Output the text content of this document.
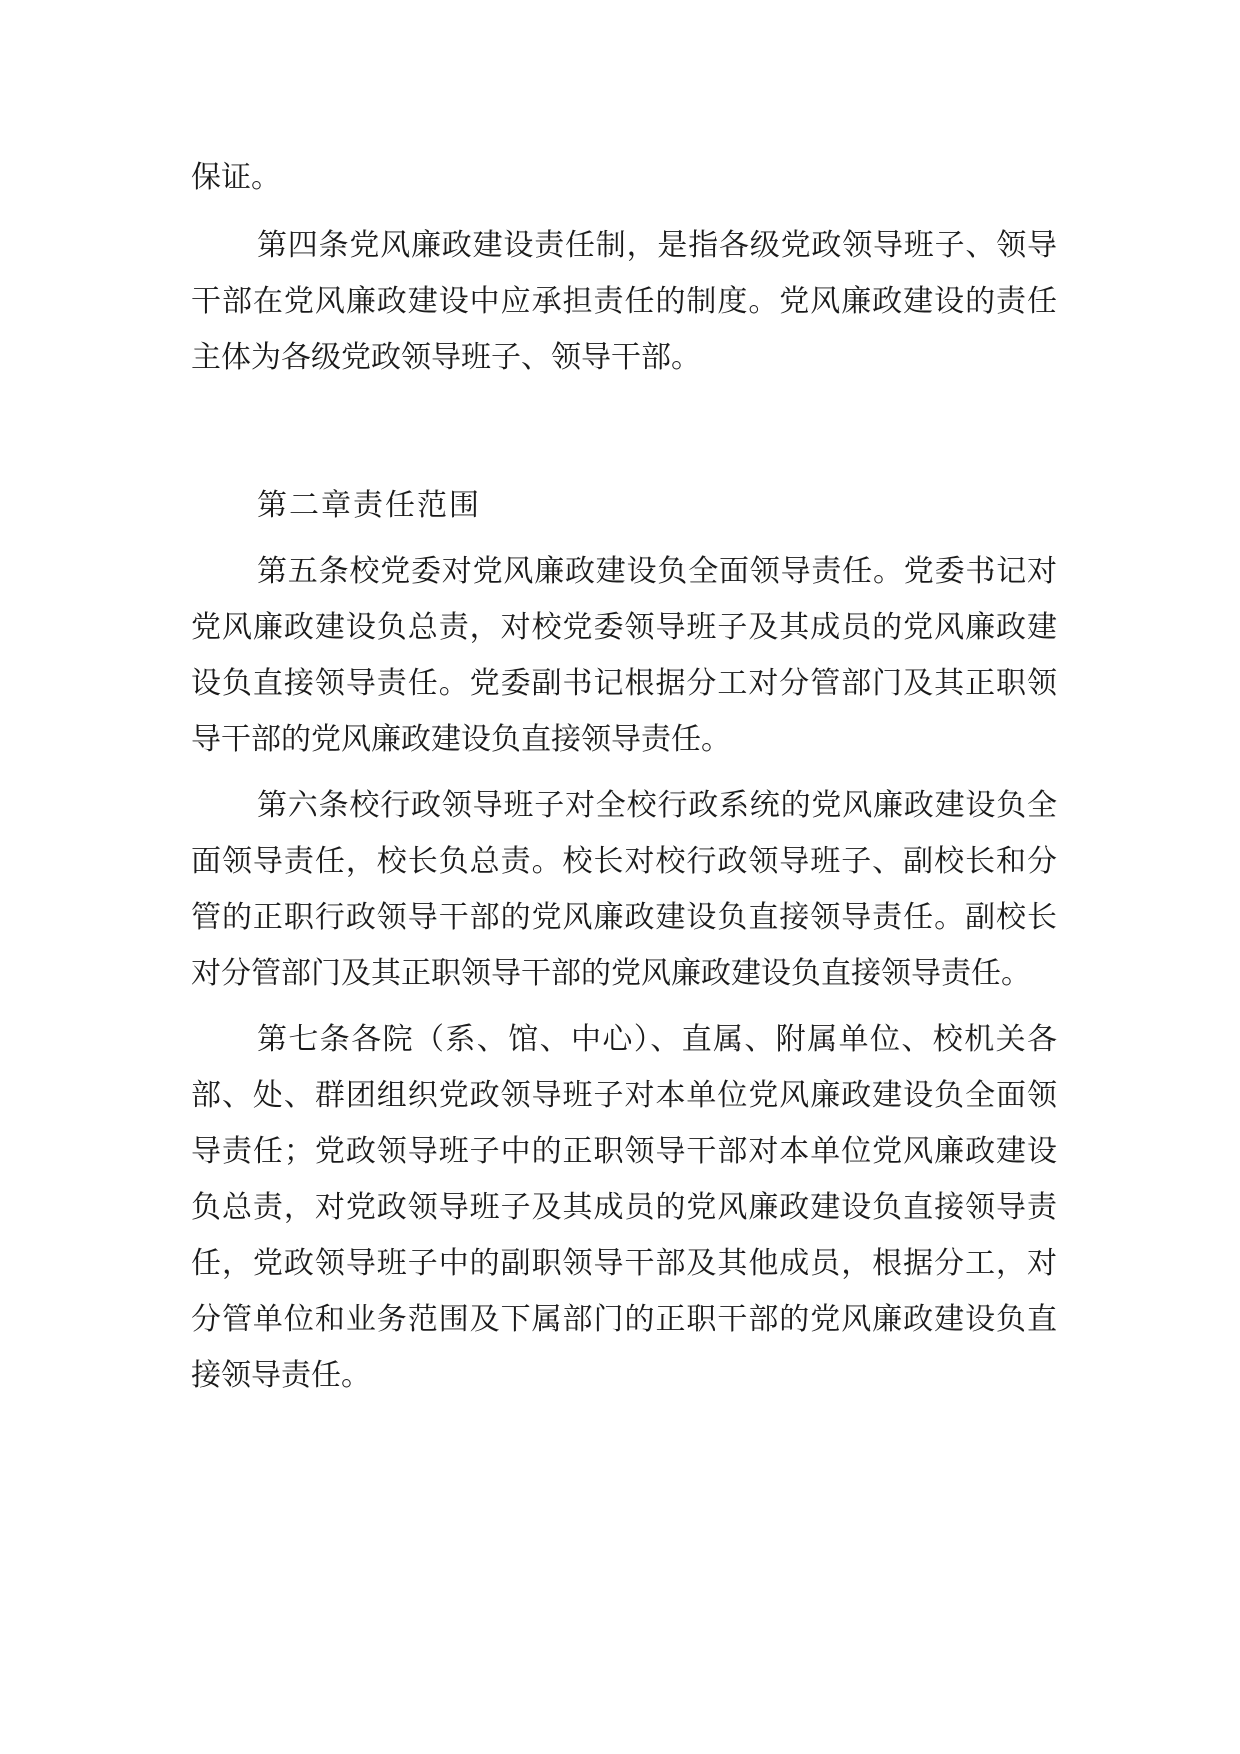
保证。

第四条党风廉政建设责任制，是指各级党政领导班子、领导干部在党风廉政建设中应承担责任的制度。党风廉政建设的责任主体为各级党政领导班子、领导干部。

第二章责任范围

第五条校党委对党风廉政建设负全面领导责任。党委书记对党风廉政建设负总责，对校党委领导班子及其成员的党风廉政建设负直接领导责任。党委副书记根据分工对分管部门及其正职领导干部的党风廉政建设负直接领导责任。

第六条校行政领导班子对全校行政系统的党风廉政建设负全面领导责任，校长负总责。校长对校行政领导班子、副校长和分管的正职行政领导干部的党风廉政建设负直接领导责任。副校长对分管部门及其正职领导干部的党风廉政建设负直接领导责任。

第七条各院（系、馆、中心）、直属、附属单位、校机关各部、处、群团组织党政领导班子对本单位党风廉政建设负全面领导责任；党政领导班子中的正职领导干部对本单位党风廉政建设负总责，对党政领导班子及其成员的党风廉政建设负直接领导责任，党政领导班子中的副职领导干部及其他成员，根据分工，对分管单位和业务范围及下属部门的正职干部的党风廉政建设负直接领导责任。
